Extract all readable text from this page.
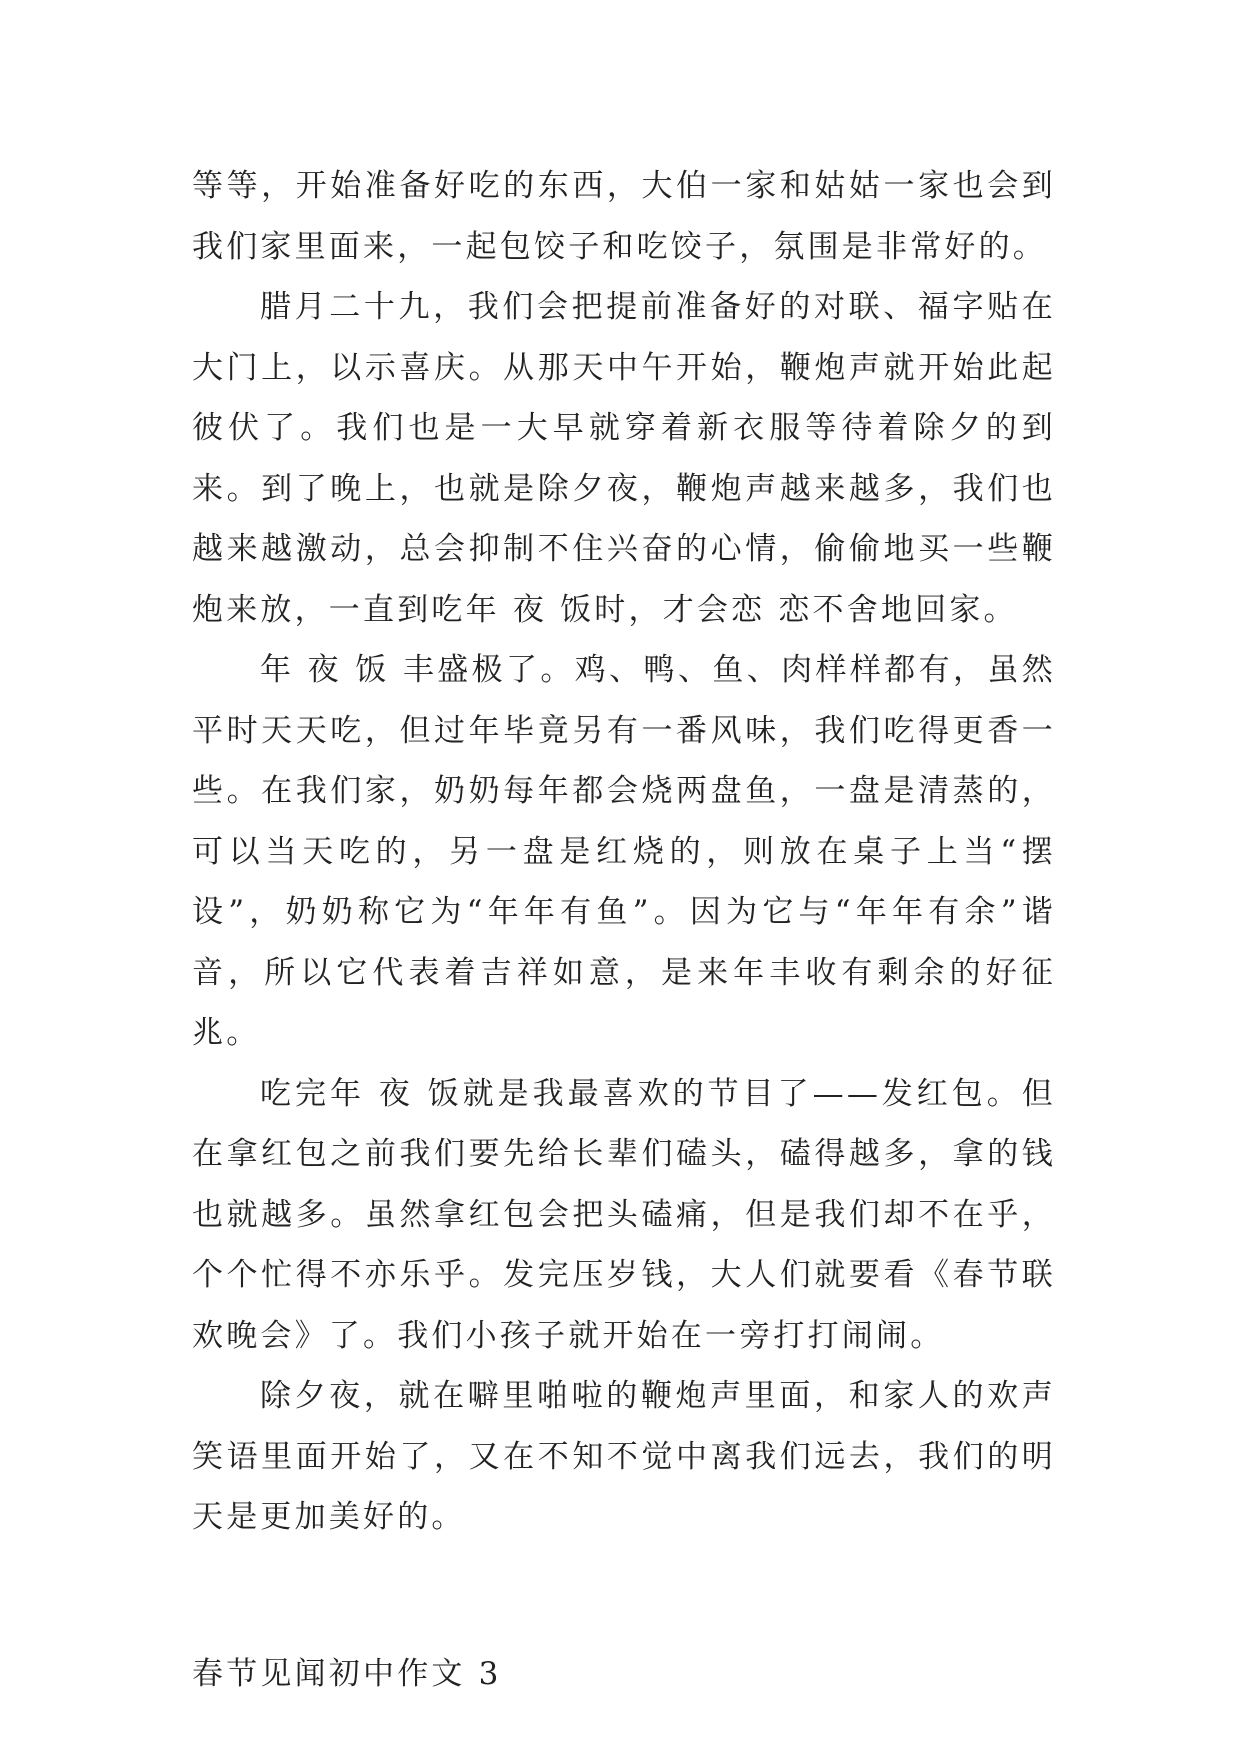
等等，开始准备好吃的东西，大伯一家和姑姑一家也会到我们家里面来，一起包饺子和吃饺子，氛围是非常好的。

腊月二十九，我们会把提前准备好的对联、福字贴在大门上，以示喜庆。从那天中午开始，鞭炮声就开始此起彼伏了。我们也是一大早就穿着新衣服等待着除夕的到来。到了晚上，也就是除夕夜，鞭炮声越来越多，我们也越来越激动，总会抑制不住兴奋的心情，偷偷地买一些鞭炮来放，一直到吃年 夜 饭时，才会恋 恋不舍地回家。

年 夜 饭 丰盛极了。鸡、鸭、鱼、肉样样都有，虽然平时天天吃，但过年毕竟另有一番风味，我们吃得更香一些。在我们家，奶奶每年都会烧两盘鱼，一盘是清蒸的，可以当天吃的，另一盘是红烧的，则放在桌子上当“摆设”，奶奶称它为“年年有鱼”。因为它与“年年有余”谐音，所以它代表着吉祥如意，是来年丰收有剩余的好征兆。

吃完年 夜 饭就是我最喜欢的节目了——发红包。但在拿红包之前我们要先给长辈们磕头，磕得越多，拿的钱也就越多。虽然拿红包会把头磕痛，但是我们却不在乎，个个忙得不亦乐乎。发完压岁钱，大人们就要看《春节联欢晚会》了。我们小孩子就开始在一旁打打闹闹。

除夕夜，就在噼里啪啦的鞭炮声里面，和家人的欢声笑语里面开始了，又在不知不觉中离我们远去，我们的明天是更加美好的。

春节见闻初中作文 3
